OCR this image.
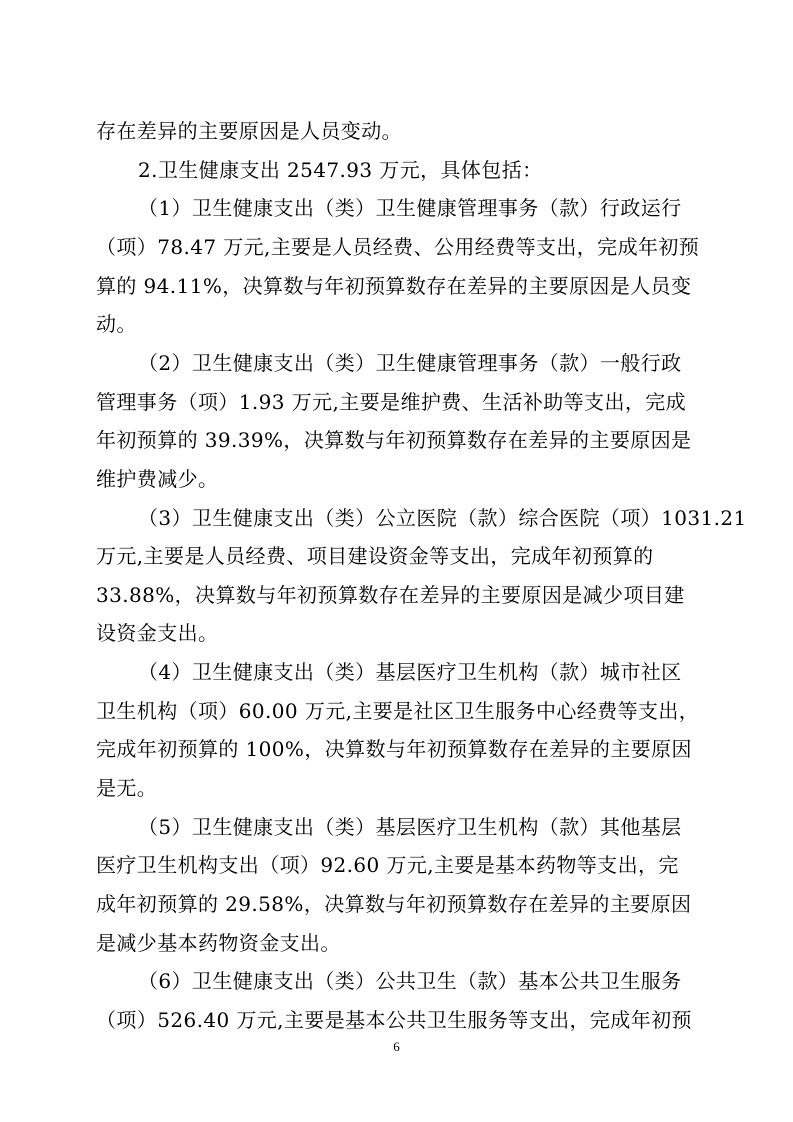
存在差异的主要原因是人员变动。
2.卫生健康支出 2547.93 万元，具体包括：
（1）卫生健康支出（类）卫生健康管理事务（款）行政运行
（项）78.47 万元,主要是人员经费、公用经费等支出，完成年初预
算的 94.11%，决算数与年初预算数存在差异的主要原因是人员变
动。
（2）卫生健康支出（类）卫生健康管理事务（款）一般行政
管理事务（项）1.93 万元,主要是维护费、生活补助等支出，完成
年初预算的 39.39%，决算数与年初预算数存在差异的主要原因是
维护费减少。
（3）卫生健康支出（类）公立医院（款）综合医院（项）1031.21
万元,主要是人员经费、项目建设资金等支出，完成年初预算的
33.88%，决算数与年初预算数存在差异的主要原因是减少项目建
设资金支出。
（4）卫生健康支出（类）基层医疗卫生机构（款）城市社区
卫生机构（项）60.00 万元,主要是社区卫生服务中心经费等支出，
完成年初预算的 100%，决算数与年初预算数存在差异的主要原因
是无。
（5）卫生健康支出（类）基层医疗卫生机构（款）其他基层
医疗卫生机构支出（项）92.60 万元,主要是基本药物等支出，完
成年初预算的 29.58%，决算数与年初预算数存在差异的主要原因
是减少基本药物资金支出。
（6）卫生健康支出（类）公共卫生（款）基本公共卫生服务
（项）526.40 万元,主要是基本公共卫生服务等支出，完成年初预
6
